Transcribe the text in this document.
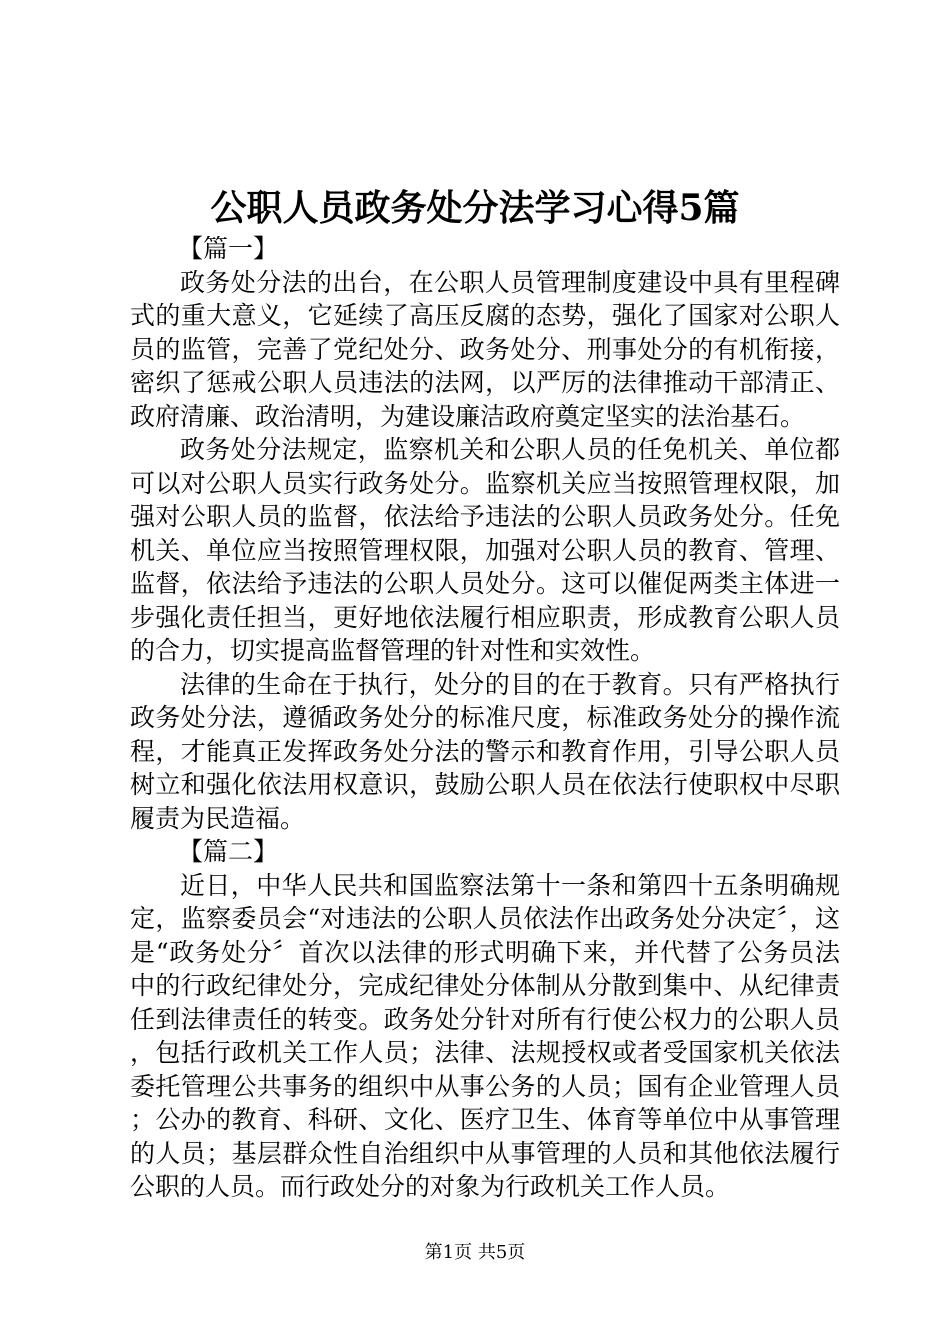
公职人员政务处分法学习心得5篇

【篇一】

政务处分法的出台，在公职人员管理制度建设中具有里程碑式的重大意义，它延续了高压反腐的态势，强化了国家对公职人员的监管，完善了党纪处分、政务处分、刑事处分的有机衔接，密织了惩戒公职人员违法的法网，以严厉的法律推动干部清正、政府清廉、政治清明，为建设廉洁政府奠定坚实的法治基石。

政务处分法规定，监察机关和公职人员的任免机关、单位都可以对公职人员实行政务处分。监察机关应当按照管理权限，加强对公职人员的监督，依法给予违法的公职人员政务处分。任免机关、单位应当按照管理权限，加强对公职人员的教育、管理、监督，依法给予违法的公职人员处分。这可以催促两类主体进一步强化责任担当，更好地依法履行相应职责，形成教育公职人员的合力，切实提高监督管理的针对性和实效性。

法律的生命在于执行，处分的目的在于教育。只有严格执行政务处分法，遵循政务处分的标准尺度，标准政务处分的操作流程，才能真正发挥政务处分法的警示和教育作用，引导公职人员树立和强化依法用权意识，鼓励公职人员在依法行使职权中尽职履责为民造福。

【篇二】

近日，中华人民共和国监察法第十一条和第四十五条明确规定，监察委员会“对违法的公职人员依法作出政务处分决定〞，这是“政务处分〞首次以法律的形式明确下来，并代替了公务员法中的行政纪律处分，完成纪律处分体制从分散到集中、从纪律责任到法律责任的转变。政务处分针对所有行使公权力的公职人员，包括行政机关工作人员；法律、法规授权或者受国家机关依法委托管理公共事务的组织中从事公务的人员；国有企业管理人员；公办的教育、科研、文化、医疗卫生、体育等单位中从事管理的人员；基层群众性自治组织中从事管理的人员和其他依法履行公职的人员。而行政处分的对象为行政机关工作人员。

第1页 共5页
